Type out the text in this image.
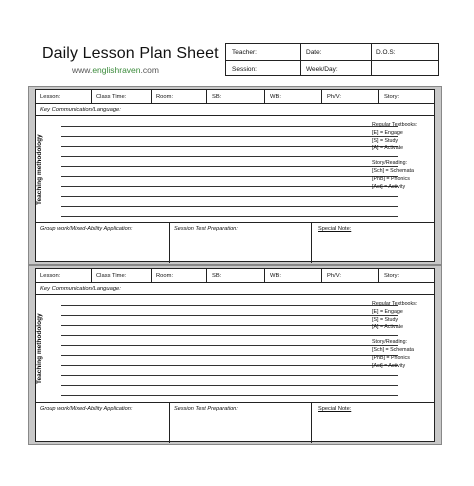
Daily Lesson Plan Sheet
www.englishraven.com
Teacher:	Date:	D.O.S:
Session:	Week/Day:
Lesson:	Class Time:	Room:	SB:	WB:	Ph/V:	Story:
Key Communication/Language:
Teaching methodology
Regular Textbooks:
[E] = Engage
[S] = Study
[A] = Activate
Story/Reading:
[Sch] = Schemata
[PhB] = Phonics
[Act] = Activity
Group work/Mixed-Ability Application:	Session Test Preparation:	Special Note:
Lesson:	Class Time:	Room:	SB:	WB:	Ph/V:	Story:
Key Communication/Language:
Teaching methodology
Regular Textbooks:
[E] = Engage
[S] = Study
[A] = Activate
Story/Reading:
[Sch] = Schemata
[PhB] = Phonics
[Act] = Activity
Group work/Mixed-Ability Application:	Session Test Preparation:	Special Note:
